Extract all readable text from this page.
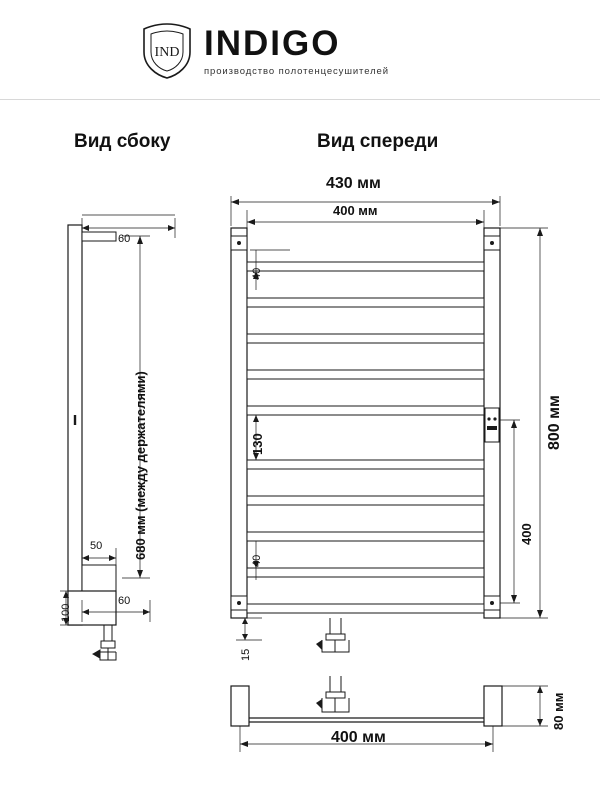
IND INDIGO
производство полотенцесушителей
Вид сбоку	Вид спереди
60
50
60
100
680 мм (между держателями)
430 мм
400 мм
800 мм
400
40
130
40
15
400 мм
80 мм
